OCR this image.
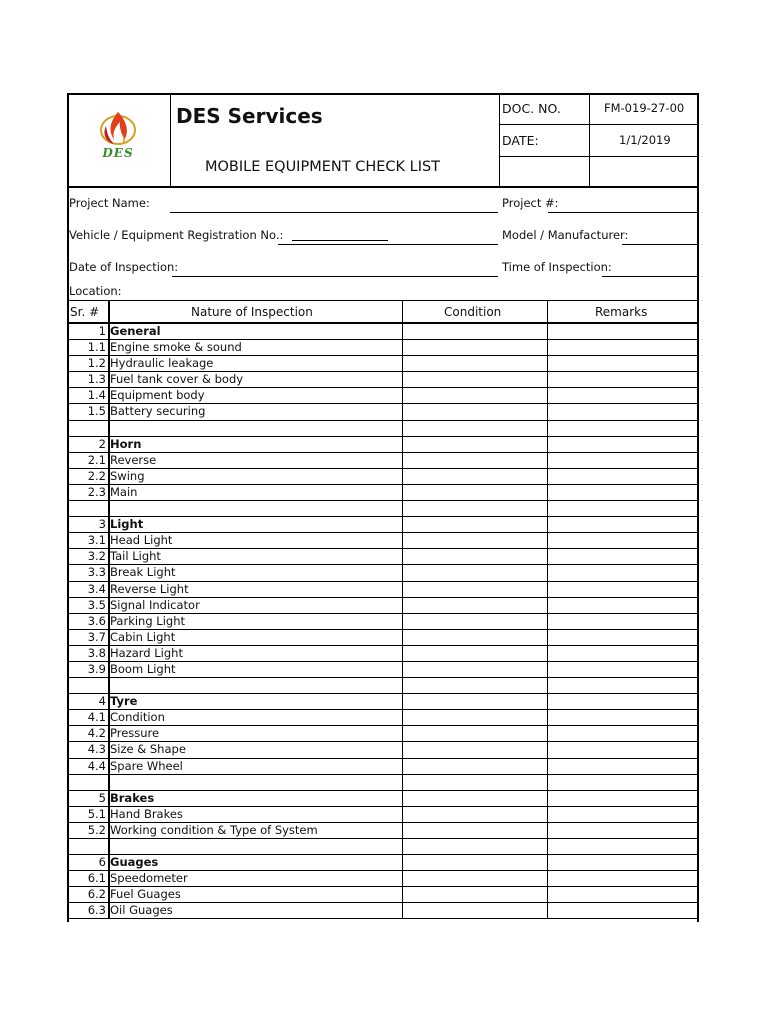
DES
DES Services
MOBILE EQUIPMENT CHECK LIST
DOC. NO.	FM-019-27-00
DATE:	1/1/2019
Project Name:	Project #:
Vehicle / Equipment Registration No.:	Model / Manufacturer:
Date of Inspection:	Time of Inspection:
Location:
Sr. #	Nature of Inspection	Condition	Remarks
1 General
1.1 Engine smoke & sound
1.2 Hydraulic leakage
1.3 Fuel tank cover & body
1.4 Equipment body
1.5 Battery securing
2 Horn
2.1 Reverse
2.2 Swing
2.3 Main
3 Light
3.1 Head Light
3.2 Tail Light
3.3 Break Light
3.4 Reverse Light
3.5 Signal Indicator
3.6 Parking Light
3.7 Cabin Light
3.8 Hazard Light
3.9 Boom Light
4 Tyre
4.1 Condition
4.2 Pressure
4.3 Size & Shape
4.4 Spare Wheel
5 Brakes
5.1 Hand Brakes
5.2 Working condition & Type of System
6 Guages
6.1 Speedometer
6.2 Fuel Guages
6.3 Oil Guages
